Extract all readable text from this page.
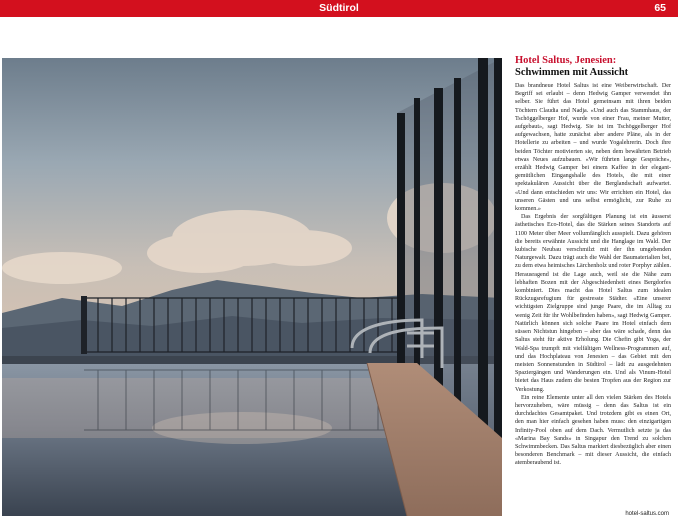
Südtirol	65
Hotel Saltus, Jenesien:
Schwimmen mit Aussicht

Das brandneue Hotel Saltus ist eine Weiberwirtschaft. Der Begriff sei erlaubt – denn Hedwig Gamper verwendet ihn selber. Sie führt das Hotel gemeinsam mit ihren beiden Töchtern Claudia und Nadja. «Und auch das Stammhaus, der Tschöggelberger Hof, wurde von einer Frau, meiner Mutter, aufgebaut», sagt Hedwig. Sie ist im Tschöggelberger Hof aufgewachsen, hatte zunächst aber andere Pläne, als in der Hotellerie zu arbeiten – und wurde Yogalehrerin. Doch ihre beiden Töchter motivierten sie, neben dem bewährten Betrieb etwas Neues aufzubauen. «Wir führten lange Gespräche», erzählt Hedwig Gamper bei einem Kaffee in der elegant-gemütlichen Eingangshalle des Hotels, die mit einer spektakulären Aussicht über die Berglandschaft aufwartet. «Und dann entschieden wir uns: Wir errichten ein Hotel, das unseren Gästen und uns selbst ermöglicht, zur Ruhe zu kommen.»

Das Ergebnis der sorgfältigen Planung ist ein äusserst ästhetisches Eco-Hotel, das die Stärken seines Standorts auf 1100 Meter über Meer vollumfänglich ausspielt. Dazu gehören die bereits erwähnte Aussicht und die Hanglage im Wald. Der kubische Neubau verschmilzt mit der ihn umgebenden Naturgewalt. Dazu trägt auch die Wahl der Baumaterialien bei, zu dem etwa heimisches Lärchenholz und roter Porphyr zählen. Herausragend ist die Lage auch, weil sie die Nähe zum lebhaften Bozen mit der Abgeschiedenheit eines Bergdorfes kombiniert. Dies macht das Hotel Saltus zum idealen Rückzugsrefugium für gestresste Städter. «Eine unserer wichtigsten Zielgruppe sind junge Paare, die im Alltag zu wenig Zeit für ihr Wohlbefinden haben», sagt Hedwig Gamper. Natürlich können sich solche Paare im Hotel einfach dem süssen Nichtstun hingeben – aber das wäre schade, denn das Saltus steht für aktive Erholung. Die Chefin gibt Yoga, der Wald-Spa trumpft mit vielfältigen Wellness-Programmen auf, und das Hochplateau von Jenesien – das Gebiet mit den meisten Sonnenstunden in Südtirol – lädt zu ausgedehnten Spaziergängen und Wanderungen ein. Und als Vinum-Hotel bietet das Haus zudem die besten Tropfen aus der Region zur Verkostung.

Ein reine Elemente unter all den vielen Stärken des Hotels hervorzuheben, wäre müssig – denn das Saltus ist ein durchdachtes Gesamtpaket. Und trotzdem gibt es einen Ort, den man hier einfach gesehen haben muss: den einzigartigen Infinity-Pool oben auf dem Dach. Vermutlich setzte ja das «Marina Bay Sands» in Singapur den Trend zu solchen Schwimmbecken. Das Saltus markiert diesbezüglich aber einen besonderen Benchmark – mit dieser Aussicht, die einfach atemberaubend ist.

hotel-saltus.com
